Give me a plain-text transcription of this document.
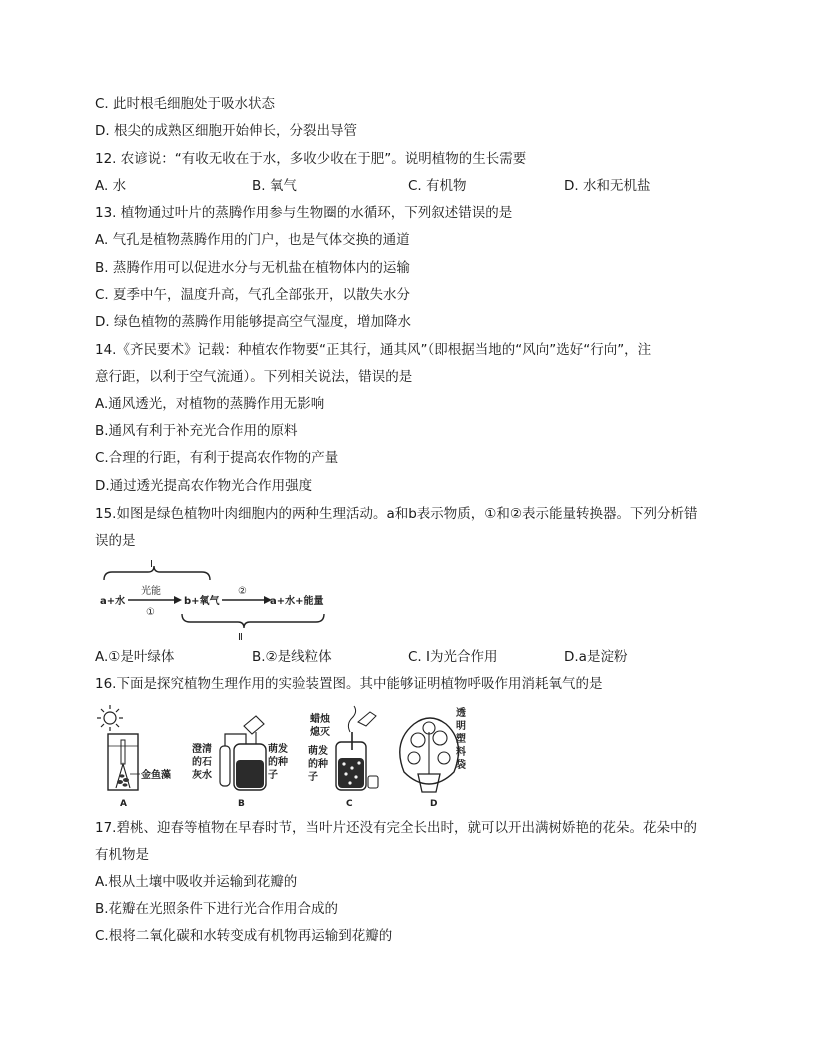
C. 此时根毛细胞处于吸水状态
D. 根尖的成熟区细胞开始伸长，分裂出导管
12. 农谚说：“有收无收在于水，多收少收在于肥”。说明植物的生长需要
A. 水	B. 氧气	C. 有机物	D. 水和无机盐
13. 植物通过叶片的蒸腾作用参与生物圈的水循环，下列叙述错误的是
A. 气孔是植物蒸腾作用的门户，也是气体交换的通道
B. 蒸腾作用可以促进水分与无机盐在植物体内的运输
C. 夏季中午，温度升高，气孔全部张开，以散失水分
D. 绿色植物的蒸腾作用能够提高空气湿度，增加降水
14.《齐民要术》记载：种植农作物要“正其行，通其风”（即根据当地的“风向”选好“行向”，注
意行距，以利于空气流通）。下列相关说法，错误的是
A.通风透光，对植物的蒸腾作用无影响
B.通风有利于补充光合作用的原料
C.合理的行距，有利于提高农作物的产量
D.通过透光提高农作物光合作用强度
15.如图是绿色植物叶肉细胞内的两种生理活动。a和b表示物质，①和②表示能量转换器。下列分析错
误的是
Ⅰ
a+水
光能
①
b+氧气
②
a+水+能量
Ⅱ
A.①是叶绿体	B.②是线粒体	C. Ⅰ为光合作用	D.a是淀粉
16.下面是探究植物生理作用的实验装置图。其中能够证明植物呼吸作用消耗氧气的是
金鱼藻
A
澄清
的石
灰水
萌发
的种
子
B
蜡烛
熄灭
萌发
的种
子
C
透
明
塑
料
袋
D
17.碧桃、迎春等植物在早春时节，当叶片还没有完全长出时，就可以开出满树娇艳的花朵。花朵中的
有机物是
A.根从土壤中吸收并运输到花瓣的
B.花瓣在光照条件下进行光合作用合成的
C.根将二氧化碳和水转变成有机物再运输到花瓣的
